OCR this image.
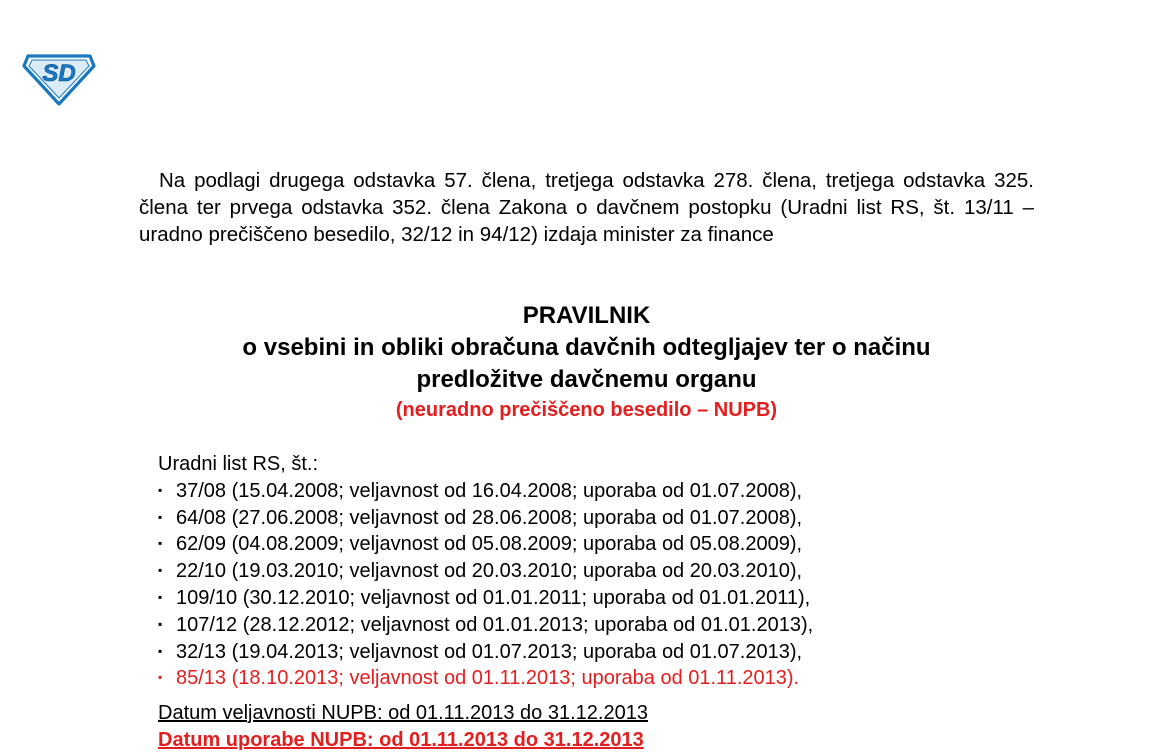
SD

Na podlagi drugega odstavka 57. člena, tretjega odstavka 278. člena, tretjega odstavka 325. člena ter prvega odstavka 352. člena Zakona o davčnem postopku (Uradni list RS, št. 13/11 – uradno prečiščeno besedilo, 32/12 in 94/12) izdaja minister za finance

PRAVILNIK

o vsebini in obliki obračuna davčnih odtegljajev ter o načinu predložitve davčnemu organu

(neuradno prečiščeno besedilo – NUPB)

Uradni list RS, št.:

▪ 37/08 (15.04.2008; veljavnost od 16.04.2008; uporaba od 01.07.2008),
▪ 64/08 (27.06.2008; veljavnost od 28.06.2008; uporaba od 01.07.2008),
▪ 62/09 (04.08.2009; veljavnost od 05.08.2009; uporaba od 05.08.2009),
▪ 22/10 (19.03.2010; veljavnost od 20.03.2010; uporaba od 20.03.2010),
▪ 109/10 (30.12.2010; veljavnost od 01.01.2011; uporaba od 01.01.2011),
▪ 107/12 (28.12.2012; veljavnost od 01.01.2013; uporaba od 01.01.2013),
▪ 32/13 (19.04.2013; veljavnost od 01.07.2013; uporaba od 01.07.2013),
▪ 85/13 (18.10.2013; veljavnost od 01.11.2013; uporaba od 01.11.2013).
Datum veljavnosti NUPB: od 01.11.2013 do 31.12.2013
Datum uporabe NUPB: od 01.11.2013 do 31.12.2013
